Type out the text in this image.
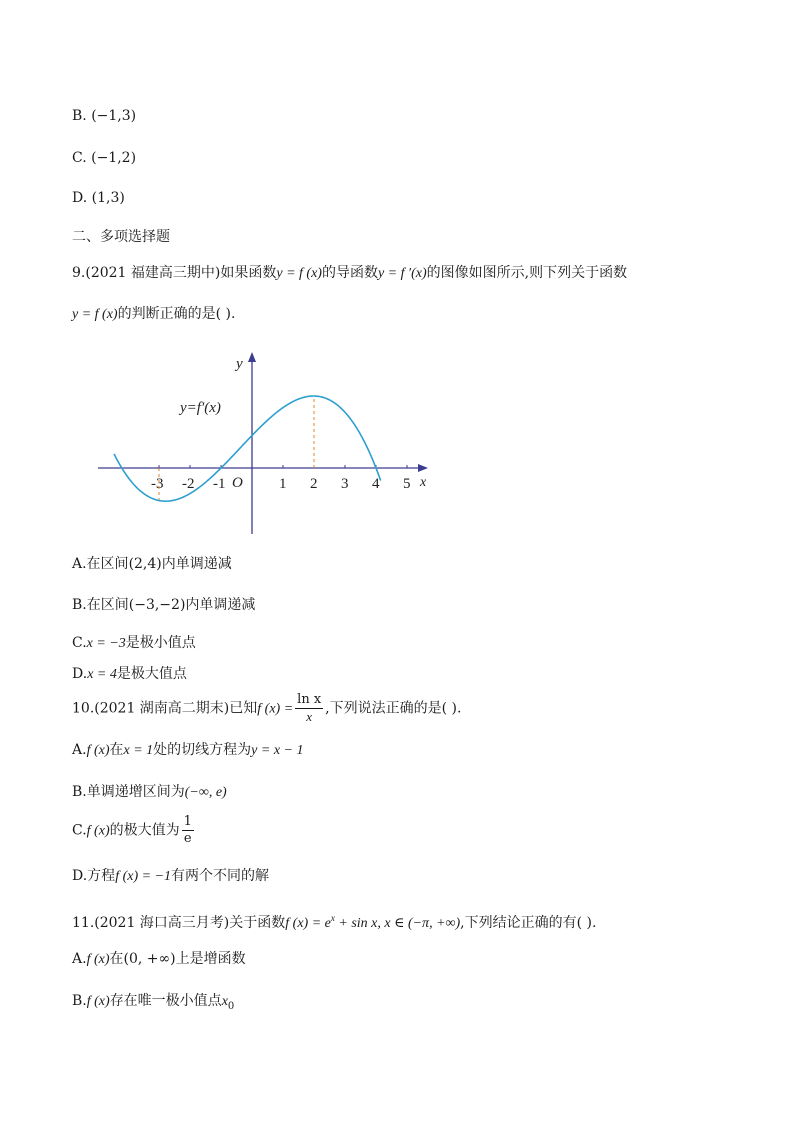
B. (−1,3)
C. (−1,2)
D. (1,3)
二、多项选择题
9.(2021 福建高三期中)如果函数y = f (x)的导函数y = f ′(x)的图像如图所示,则下列关于函数
y = f (x)的判断正确的是( ).
-3 -2 -1	1 2 3 4 5
y
x
O
y=f′(x)
A.在区间(2,4)内单调递减
B.在区间(−3,−2)内单调递减
C.x = −3是极小值点
D.x = 4是极大值点
10.(2021 湖南高二期末)已知f $(x) = \frac{\text{ln x}}{x}$ ,下列说法正确的是( ).
A.f (x)在x = 1处的切线方程为y = x − 1
B.单调递增区间为(−∞, e)
C.f (x)的极大值为 $\frac{1}{e}$
D.方程f (x) = −1有两个不同的解
11.(2021 海口高三月考)关于函数f $(x) = e^x + \sin x$, x ∈ (−π, +∞),下列结论正确的有( ).
A.f (x)在(0, +∞)上是增函数
B.f (x)存在唯一极小值点$x_0$
